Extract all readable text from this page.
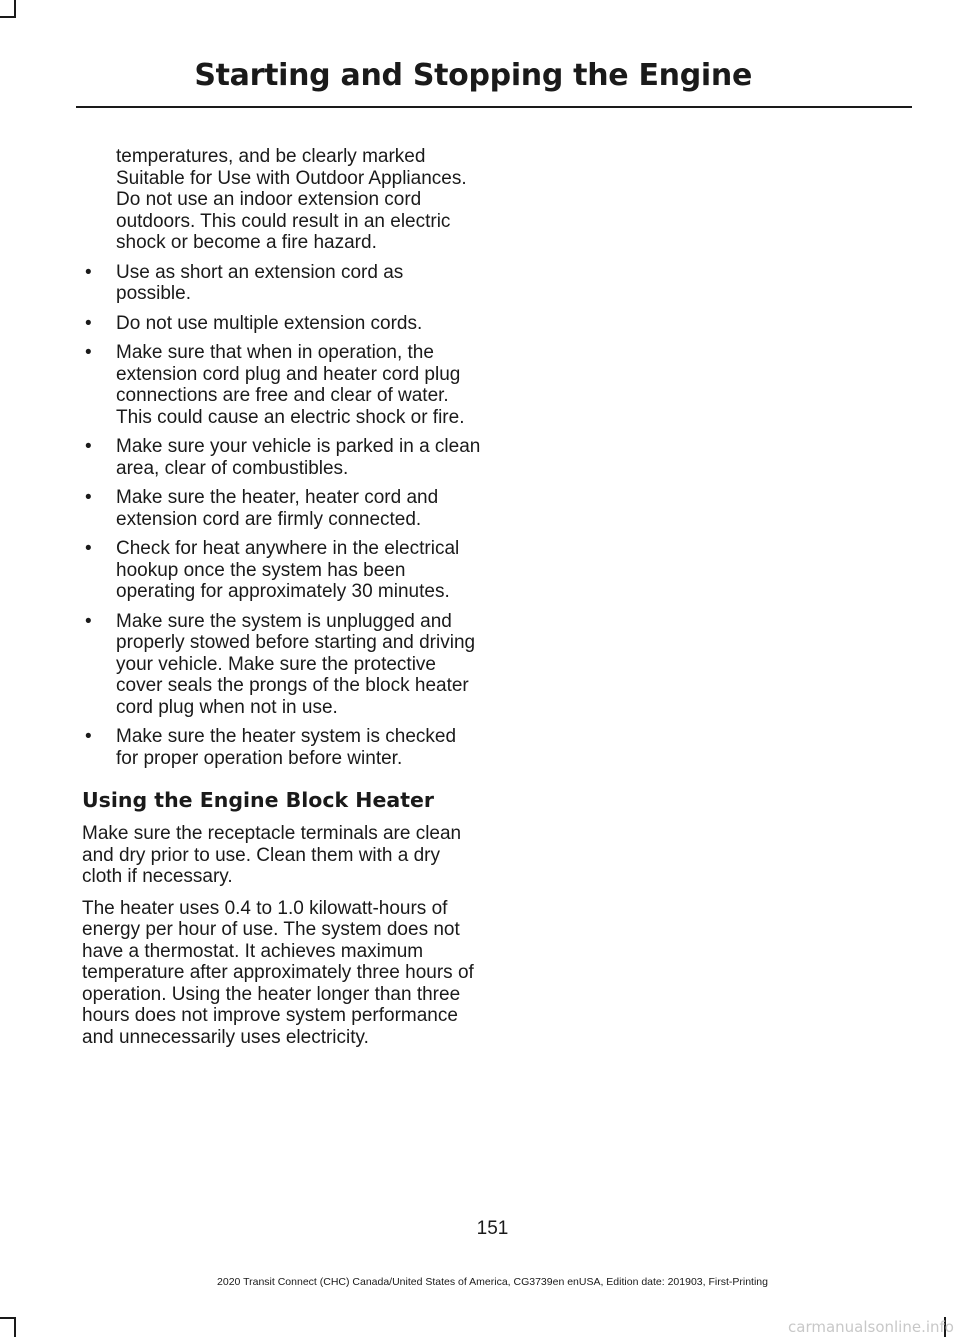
Starting and Stopping the Engine

temperatures, and be clearly marked Suitable for Use with Outdoor Appliances. Do not use an indoor extension cord outdoors. This could result in an electric shock or become a fire hazard.

• Use as short an extension cord as possible.
• Do not use multiple extension cords.
• Make sure that when in operation, the extension cord plug and heater cord plug connections are free and clear of water. This could cause an electric shock or fire.
• Make sure your vehicle is parked in a clean area, clear of combustibles.
• Make sure the heater, heater cord and extension cord are firmly connected.
• Check for heat anywhere in the electrical hookup once the system has been operating for approximately 30 minutes.
• Make sure the system is unplugged and properly stowed before starting and driving your vehicle. Make sure the protective cover seals the prongs of the block heater cord plug when not in use.
• Make sure the heater system is checked for proper operation before winter.
Using the Engine Block Heater

Make sure the receptacle terminals are clean and dry prior to use. Clean them with a dry cloth if necessary.

The heater uses 0.4 to 1.0 kilowatt-hours of energy per hour of use. The system does not have a thermostat. It achieves maximum temperature after approximately three hours of operation. Using the heater longer than three hours does not improve system performance and unnecessarily uses electricity.

151
2020 Transit Connect (CHC) Canada/United States of America, CG3739en enUSA, Edition date: 201903, First-Printing
carmanualsonline.info
